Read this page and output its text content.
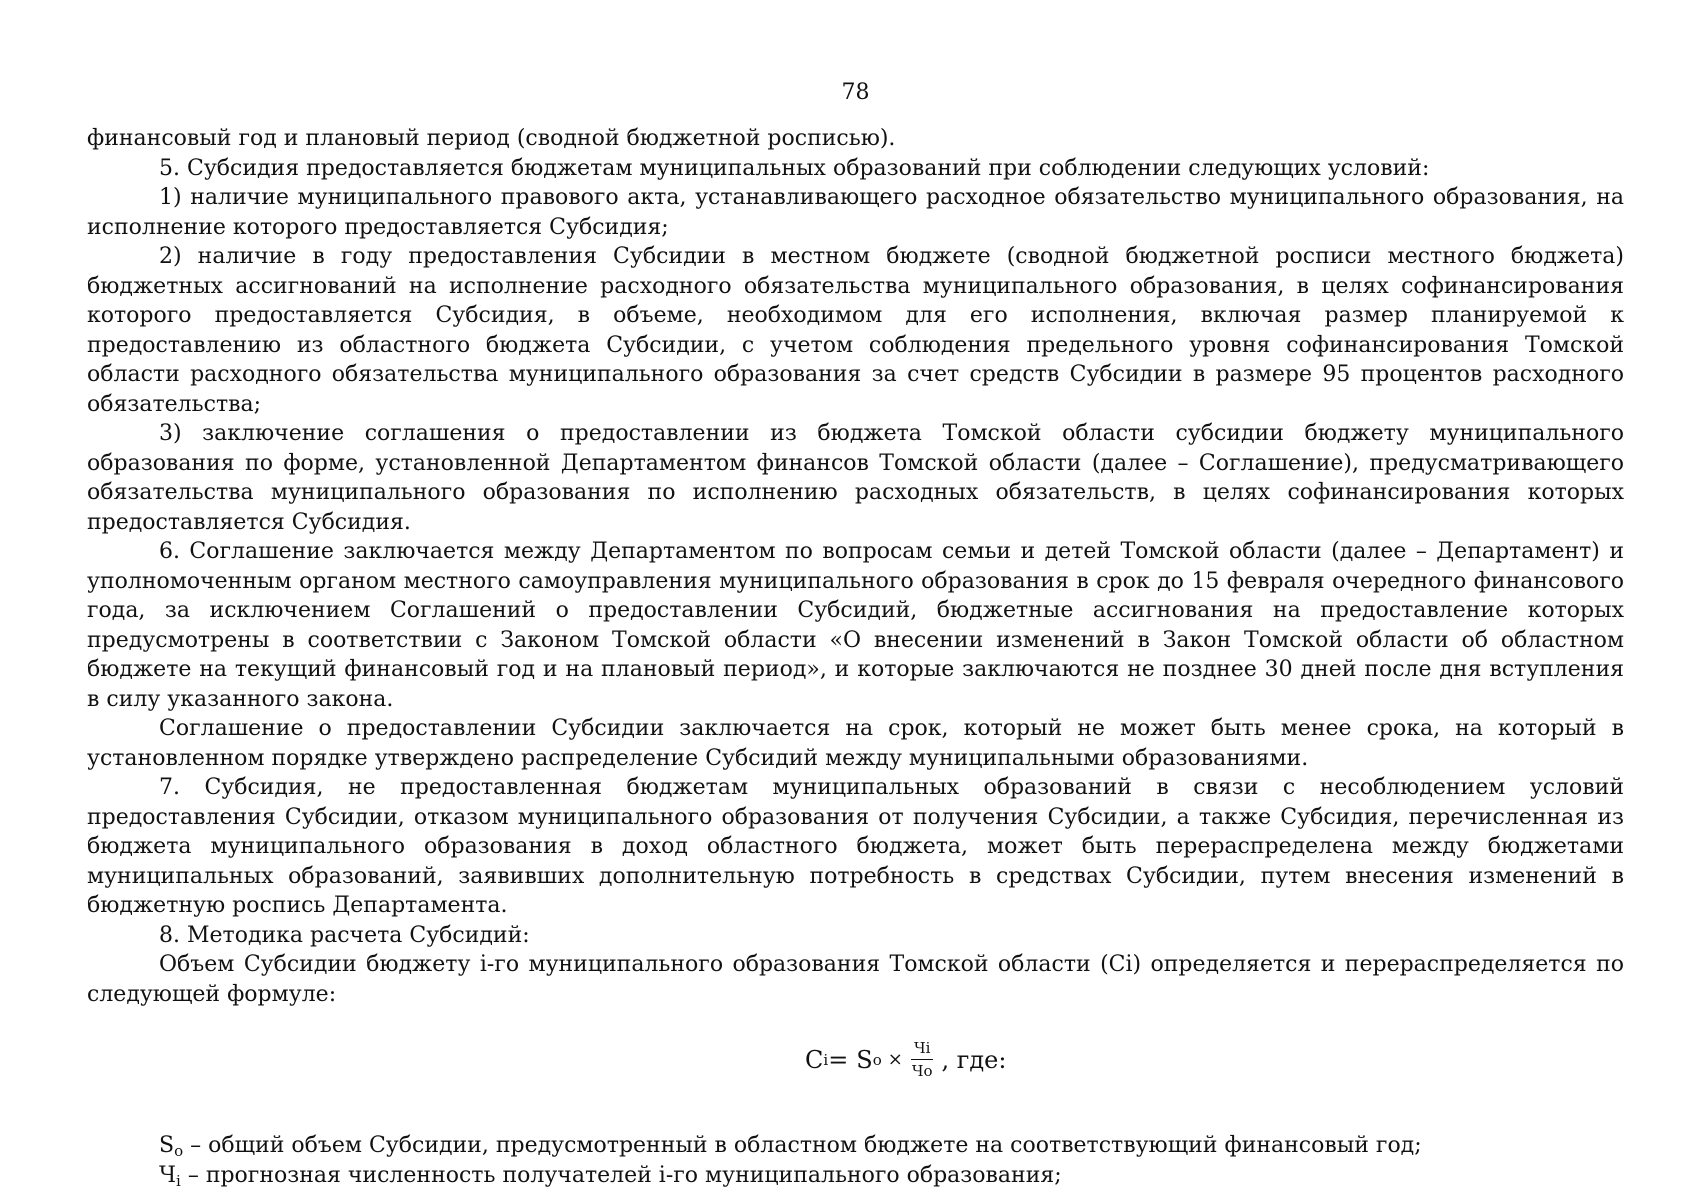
78

финансовый год и плановый период (сводной бюджетной росписью).

5. Субсидия предоставляется бюджетам муниципальных образований при соблюдении следующих условий:

1) наличие муниципального правового акта, устанавливающего расходное обязательство муниципального образования, на исполнение которого предоставляется Субсидия;

2) наличие в году предоставления Субсидии в местном бюджете (сводной бюджетной росписи местного бюджета) бюджетных ассигнований на исполнение расходного обязательства муниципального образования, в целях софинансирования которого предоставляется Субсидия, в объеме, необходимом для его исполнения, включая размер планируемой к предоставлению из областного бюджета Субсидии, с учетом соблюдения предельного уровня софинансирования Томской области расходного обязательства муниципального образования за счет средств Субсидии в размере 95 процентов расходного обязательства;

3) заключение соглашения о предоставлении из бюджета Томской области субсидии бюджету муниципального образования по форме, установленной Департаментом финансов Томской области (далее – Соглашение), предусматривающего обязательства муниципального образования по исполнению расходных обязательств, в целях софинансирования которых предоставляется Субсидия.

6. Соглашение заключается между Департаментом по вопросам семьи и детей Томской области (далее – Департамент) и уполномоченным органом местного самоуправления муниципального образования в срок до 15 февраля очередного финансового года, за исключением Соглашений о предоставлении Субсидий, бюджетные ассигнования на предоставление которых предусмотрены в соответствии с Законом Томской области «О внесении изменений в Закон Томской области об областном бюджете на текущий финансовый год и на плановый период», и которые заключаются не позднее 30 дней после дня вступления в силу указанного закона.

Соглашение о предоставлении Субсидии заключается на срок, который не может быть менее срока, на который в установленном порядке утверждено распределение Субсидий между муниципальными образованиями.

7. Субсидия, не предоставленная бюджетам муниципальных образований в связи с несоблюдением условий предоставления Субсидии, отказом муниципального образования от получения Субсидии, а также Субсидия, перечисленная из бюджета муниципального образования в доход областного бюджета, может быть перераспределена между бюджетами муниципальных образований, заявивших дополнительную потребность в средствах Субсидии, путем внесения изменений в бюджетную роспись Департамента.

8. Методика расчета Субсидий:

Объем Субсидии бюджету i-го муниципального образования Томской области (Ci) определяется и перераспределяется по следующей формуле:

C i = S $o \times \frac{Чi}{Чo}$ , где:

$S_o$ – общий объем Субсидии, предусмотренный в областном бюджете на соответствующий финансовый год;

$Ч_i$ – прогнозная численность получателей i-го муниципального образования;
